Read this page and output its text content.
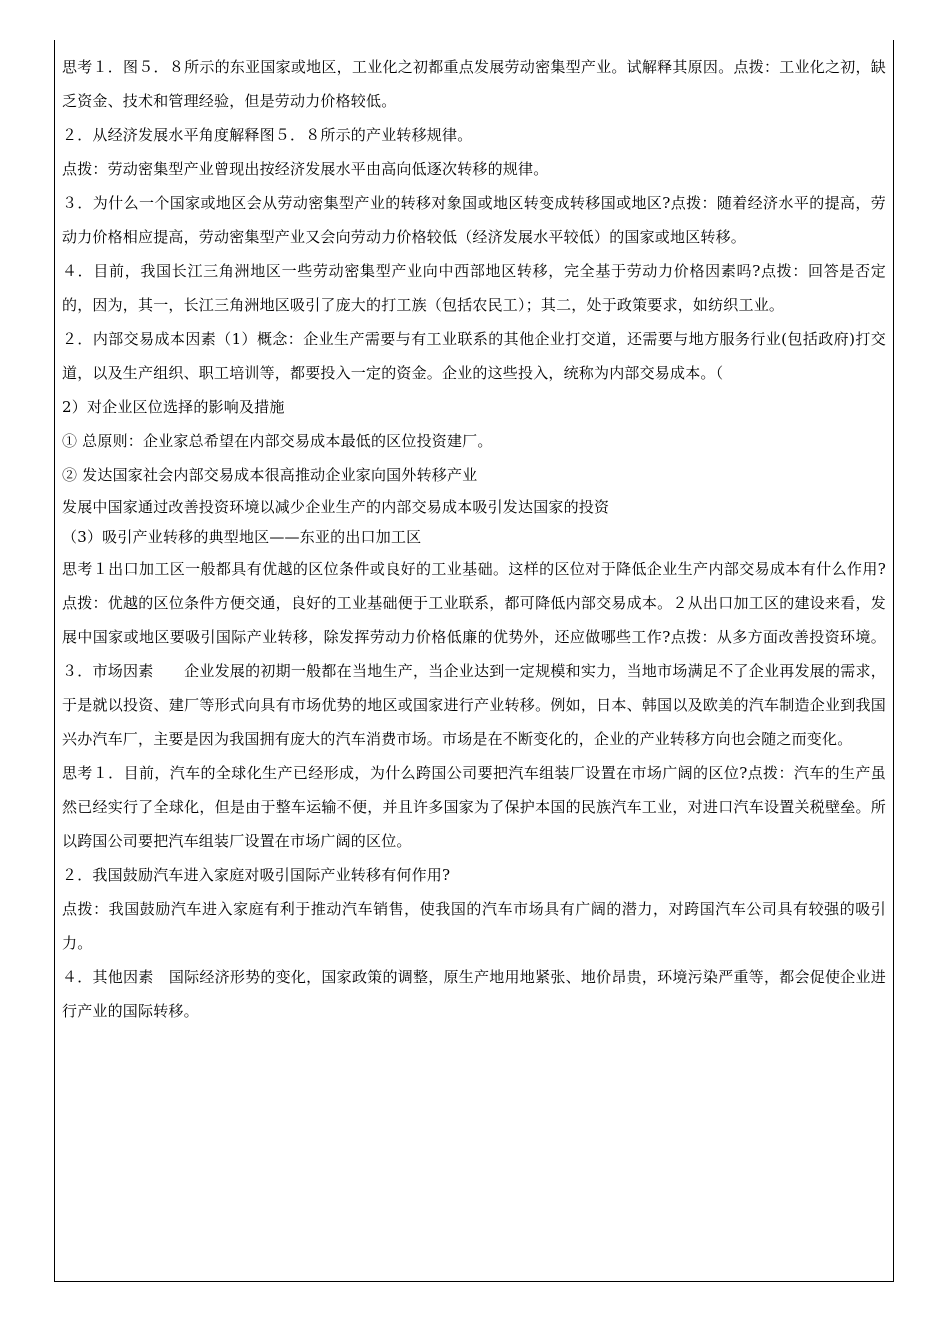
思考１．图５．８所示的东亚国家或地区，工业化之初都重点发展劳动密集型产业。试解释其原因。点拨：工业化之初，缺乏资金、技术和管理经验，但是劳动力价格较低。

２．从经济发展水平角度解释图５．８所示的产业转移规律。

点拨：劳动密集型产业曾现出按经济发展水平由高向低逐次转移的规律。

３．为什么一个国家或地区会从劳动密集型产业的转移对象国或地区转变成转移国或地区?点拨：随着经济水平的提高，劳动力价格相应提高，劳动密集型产业又会向劳动力价格较低（经济发展水平较低）的国家或地区转移。

４．目前，我国长江三角洲地区一些劳动密集型产业向中西部地区转移，完全基于劳动力价格因素吗?点拨：回答是否定的，因为，其一，长江三角洲地区吸引了庞大的打工族（包括农民工）；其二，处于政策要求，如纺织工业。

２．内部交易成本因素（1）概念：企业生产需要与有工业联系的其他企业打交道，还需要与地方服务行业(包括政府)打交道，以及生产组织、职工培训等，都要投入一定的资金。企业的这些投入，统称为内部交易成本。（

2）对企业区位选择的影响及措施

① 总原则：企业家总希望在内部交易成本最低的区位投资建厂。

② 发达国家社会内部交易成本很高推动企业家向国外转移产业

发展中国家通过改善投资环境以减少企业生产的内部交易成本吸引发达国家的投资

（3）吸引产业转移的典型地区——东亚的出口加工区

思考１出口加工区一般都具有优越的区位条件或良好的工业基础。这样的区位对于降低企业生产内部交易成本有什么作用?点拨：优越的区位条件方便交通，良好的工业基础便于工业联系，都可降低内部交易成本。２从出口加工区的建设来看，发展中国家或地区要吸引国际产业转移，除发挥劳动力价格低廉的优势外，还应做哪些工作?点拨：从多方面改善投资环境。３．市场因素　　企业发展的初期一般都在当地生产，当企业达到一定规模和实力，当地市场满足不了企业再发展的需求，于是就以投资、建厂等形式向具有市场优势的地区或国家进行产业转移。例如，日本、韩国以及欧美的汽车制造企业到我国兴办汽车厂，主要是因为我国拥有庞大的汽车消费市场。市场是在不断变化的，企业的产业转移方向也会随之而变化。

思考１．目前，汽车的全球化生产已经形成，为什么跨国公司要把汽车组装厂设置在市场广阔的区位?点拨：汽车的生产虽然已经实行了全球化，但是由于整车运输不便，并且许多国家为了保护本国的民族汽车工业，对进口汽车设置关税壁垒。所以跨国公司要把汽车组装厂设置在市场广阔的区位。

２．我国鼓励汽车进入家庭对吸引国际产业转移有何作用?

点拨：我国鼓励汽车进入家庭有利于推动汽车销售，使我国的汽车市场具有广阔的潜力，对跨国汽车公司具有较强的吸引力。

４．其他因素　国际经济形势的变化，国家政策的调整，原生产地用地紧张、地价昂贵，环境污染严重等，都会促使企业进行产业的国际转移。
